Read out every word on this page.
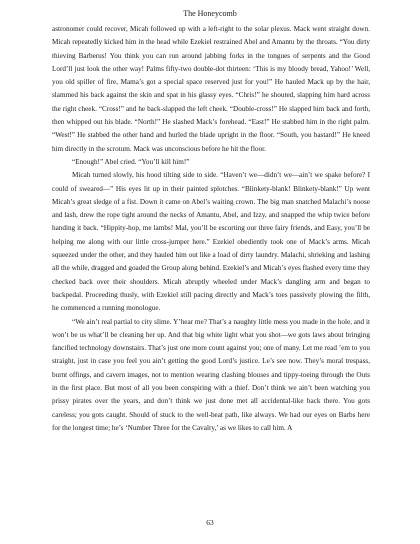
The Honeycomb

astronomer could recover, Micah followed up with a left-right to the solar plexus. Mack went straight down. Micah repeatedly kicked him in the head while Ezekiel restrained Abel and Amantu by the throats. “You dirty thieving Barberus! You think you can run around jabbing forks in the tongues of serpents and the Good Lord’ll just look the other way! Palms fifty-two double-dot thirteen: ‘This is my bloody bread, Yahoo!’ Well, you old spiller of fire, Mama’s got a special space reserved just for you!” He hauled Mack up by the hair, slammed his back against the skin and spat in his glassy eyes. “Chris!” he shouted, slapping him hard across the right cheek. “Cross!” and he back-slapped the left cheek. “Double-cross!” He slapped him back and forth, then whipped out his blade. “North!” He slashed Mack’s forehead. “East!” He stabbed him in the right palm. “West!” He stabbed the other hand and hurled the blade upright in the floor. “South, you bastard!” He kneed him directly in the scrotum. Mack was unconscious before he hit the floor.

“Enough!” Abel cried. “You’ll kill him!”

Micah turned slowly, his hood tilting side to side. “Haven’t we—didn’t we—ain’t we spake before? I could of sweared—” His eyes lit up in their painted splotches. “Blinkety-blank! Blinkety-blank!” Up went Micah’s great sledge of a fist. Down it came on Abel’s waiting crown. The big man snatched Malachi’s noose and lash, drew the rope tight around the necks of Amantu, Abel, and Izzy, and snapped the whip twice before handing it back. “Hippity-hop, me lambs! Mal, you’ll be escorting our three fairy friends, and Easy, you’ll be helping me along with our little cross-jumper here.” Ezekiel obediently took one of Mack’s arms. Micah squeezed under the other, and they hauled him out like a load of dirty laundry. Malachi, shrieking and lashing all the while, dragged and goaded the Group along behind. Ezekiel’s and Micah’s eyes flashed every time they checked back over their shoulders. Micah abruptly wheeled under Mack’s dangling arm and began to backpedal. Proceeding thusly, with Ezekiel still pacing directly and Mack’s toes passively plowing the filth, he commenced a running monologue.

“We ain’t real partial to city slime. Y’hear me? That’s a naughty little mess you made in the hole, and it won’t be us what’ll be cleaning her up. And that big white light what you shot—we gots laws about bringing fancified technology downstairs. That’s just one more count against you; one of many. Let me read ’em to you straight, just in case you feel you ain’t getting the good Lord’s justice. Le’s see now. They’s moral trespass, burnt offings, and cavern images, not to mention wearing clashing blouses and tippy-toeing through the Outs in the first place. But most of all you been conspiring with a thief. Don’t think we ain’t been watching you prissy pirates over the years, and don’t think we just done met all accidental-like back there. You gots careless; you gots caught. Should of stuck to the well-beat path, like always. We had our eyes on Barbs here for the longest time; he’s ‘Number Three for the Cavalry,’ as we likes to call him. A

63
